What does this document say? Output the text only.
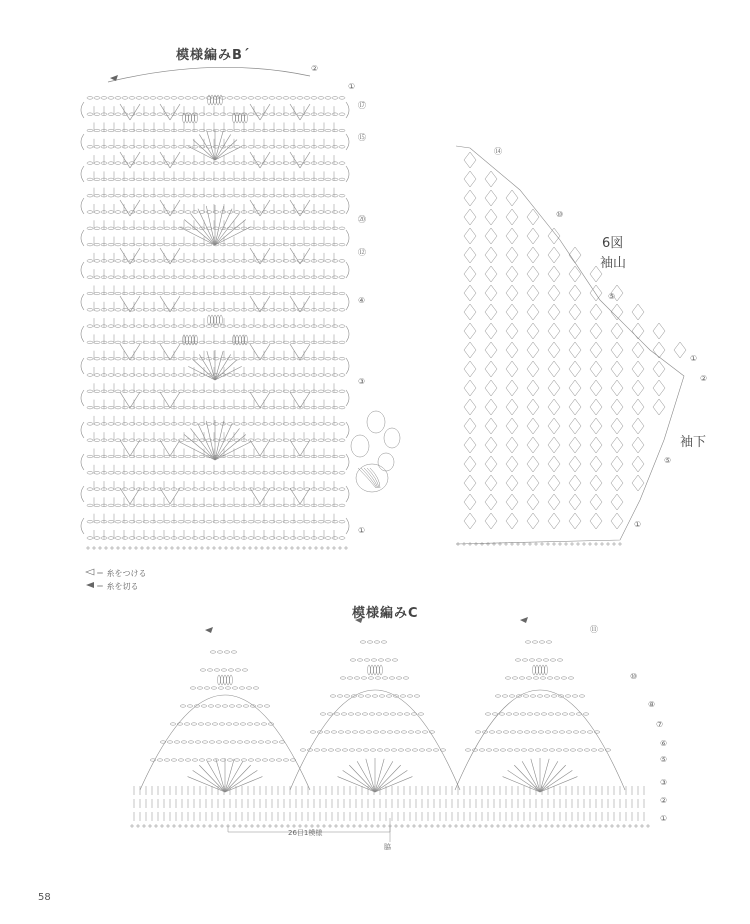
模様編みB´
②
①
⑰
⑮
⑳
⑫
④
③
①
⑭
⑩
6図
袖山
⑤
①
②
袖下
⑤
①
＝ 糸をつける
＝ 糸を切る
模様編みC
⑪
⑩
⑧
⑦
⑥
⑤
③
②
①
26目1模様
脇
58
